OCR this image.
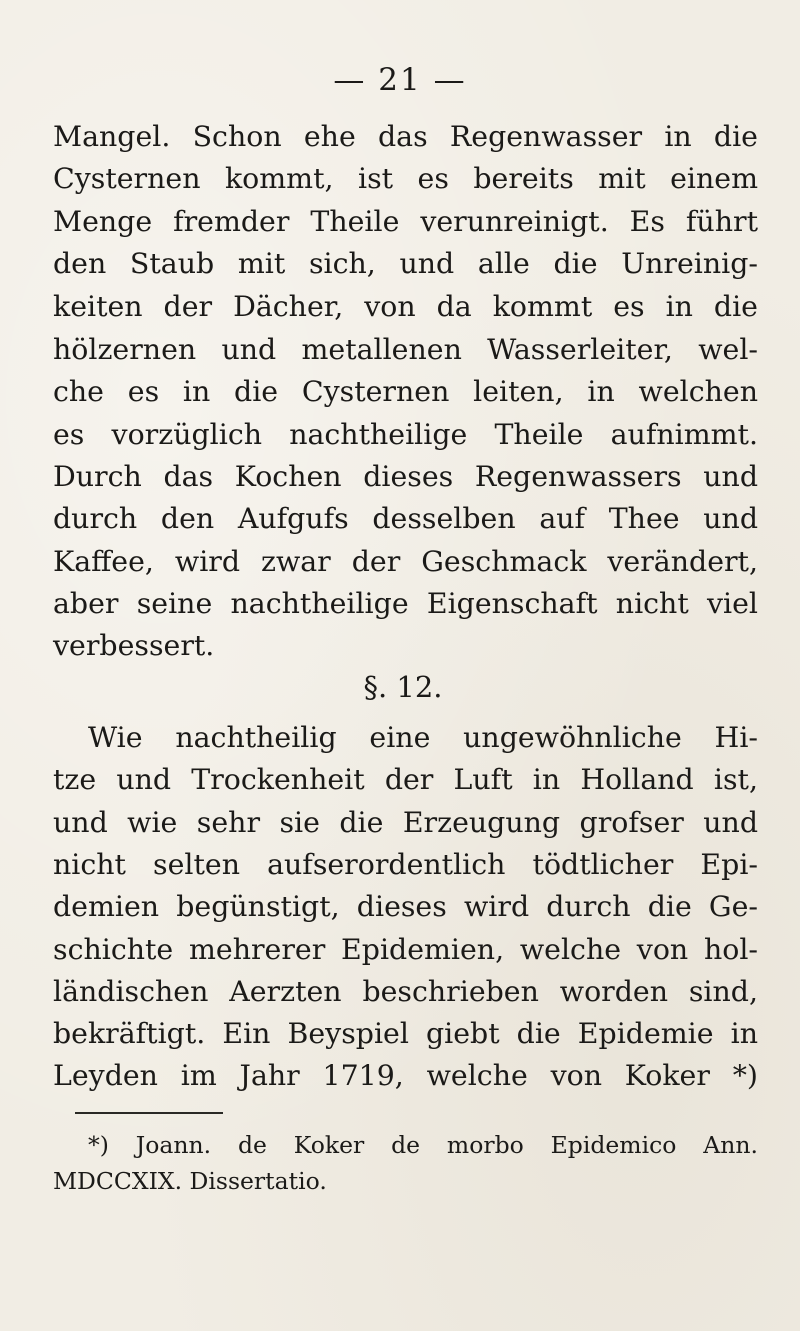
— 21 —
Mangel. Schon ehe das Regenwasser in die
Cysternen kommt, ist es bereits mit einem
Menge fremder Theile verunreinigt. Es führt
den Staub mit sich, und alle die Unreinig-
keiten der Dächer, von da kommt es in die
hölzernen und metallenen Wasserleiter, wel-
che es in die Cysternen leiten, in welchen
es vorzüglich nachtheilige Theile aufnimmt.
Durch das Kochen dieses Regenwassers und
durch den Aufgufs desselben auf Thee und
Kaffee, wird zwar der Geschmack verändert,
aber seine nachtheilige Eigenschaft nicht viel
verbessert.
§. 12.
Wie nachtheilig eine ungewöhnliche Hi-
tze und Trockenheit der Luft in Holland ist,
und wie sehr sie die Erzeugung grofser und
nicht selten aufserordentlich tödtlicher Epi-
demien begünstigt, dieses wird durch die Ge-
schichte mehrerer Epidemien, welche von hol-
ländischen Aerzten beschrieben worden sind,
bekräftigt. Ein Beyspiel giebt die Epidemie in
Leyden im Jahr 1719, welche von Koker *)
*) Joann. de Koker de morbo Epidemico Ann.
MDCCXIX. Dissertatio.
